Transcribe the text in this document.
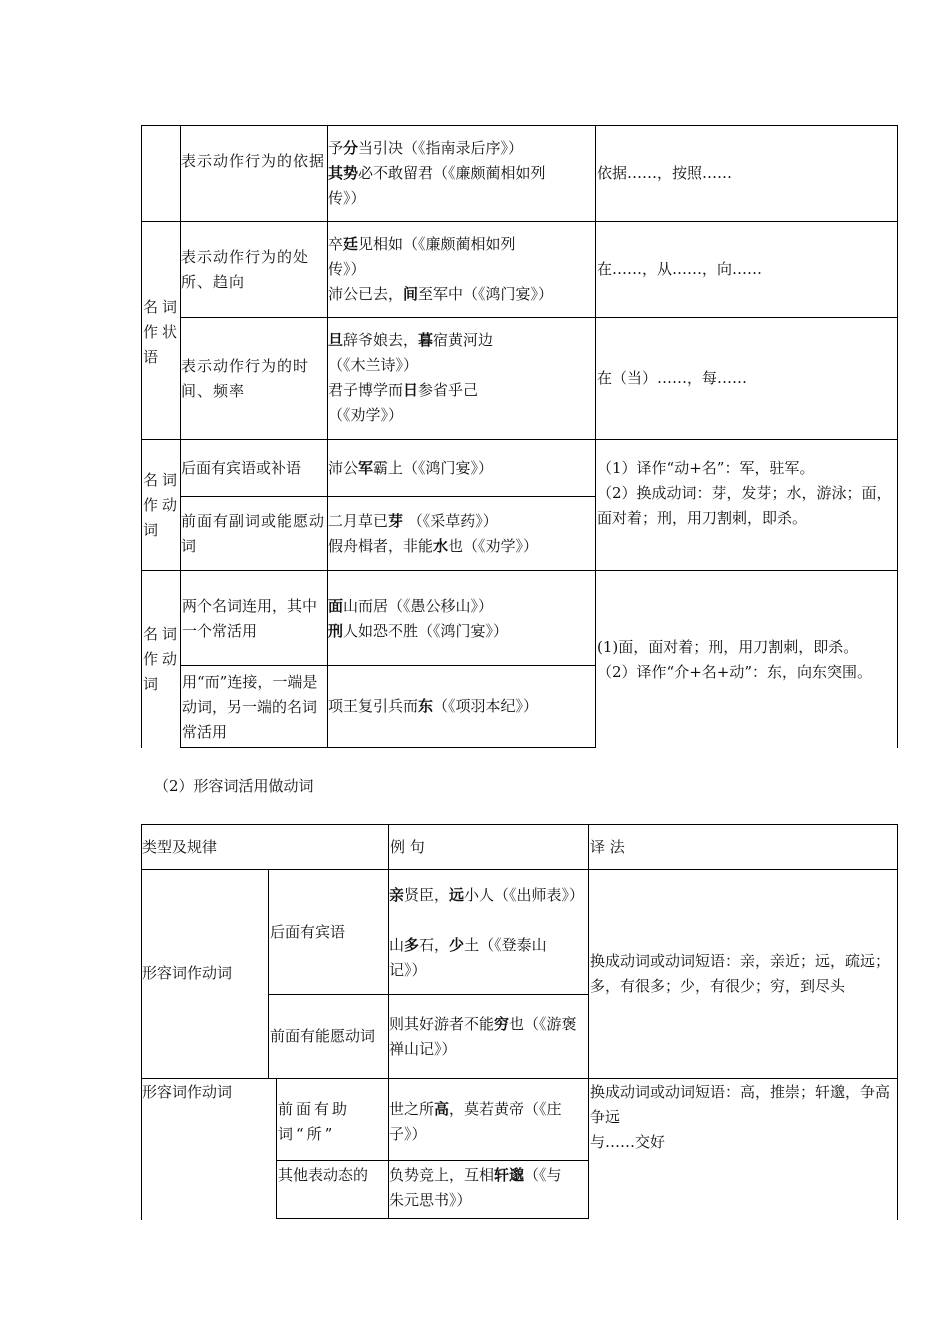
表示动作行为的依据
予分当引决（《指南录后序》）
其势必不敢留君（《廉颇蔺相如列传》）
依据……，按照……
名词作状语
表示动作行为的处所、趋向
卒廷见相如（《廉颇蔺相如列传》）
沛公已去，间至军中（《鸿门宴》）
在……，从……，向……
表示动作行为的时间、频率
旦辞爷娘去，暮宿黄河边（《木兰诗》）
君子博学而日参省乎己（《劝学》）
在（当）……，每……
名词作动词
后面有宾语或补语 沛公军霸上（《鸿门宴》）
前面有副词或能愿动词
二月草已芽 （《采草药》）
假舟楫者，非能水也（《劝学》）
（1）译作“动+名”：军，驻军。
（2）换成动词：芽，发芽；水，游泳；面，面对着；刑，用刀割刺，即杀。
名词作动词
两个名词连用，其中一个常活用
面山而居（《愚公移山》）
刑人如恐不胜（《鸿门宴》）
用“而”连接，一端是动词，另一端的名词常活用
项王复引兵而东（《项羽本纪》）
(1)面，面对着；刑，用刀割刺，即杀。
（2）译作“介+名+动”：东，向东突围。
（2）形容词活用做动词
类型及规律	例 句	译 法
形容词作动词
后面有宾语
亲贤臣，远小人（《出师表》）
山多石，少土（《登泰山记》）
前面有能愿动词
则其好游者不能穷也（《游褒禅山记》）
换成动词或动词短语：亲，亲近；远，疏远；多，有很多；少，有很少；穷，到尽头
形容词作动词
前面有助词“所”
世之所高，莫若黄帝（《庄子》）
其他表动态的 负势竞上，互相轩邈（《与朱元思书》）
换成动词或动词短语：高，推崇；轩邈，争高争远
与……交好
